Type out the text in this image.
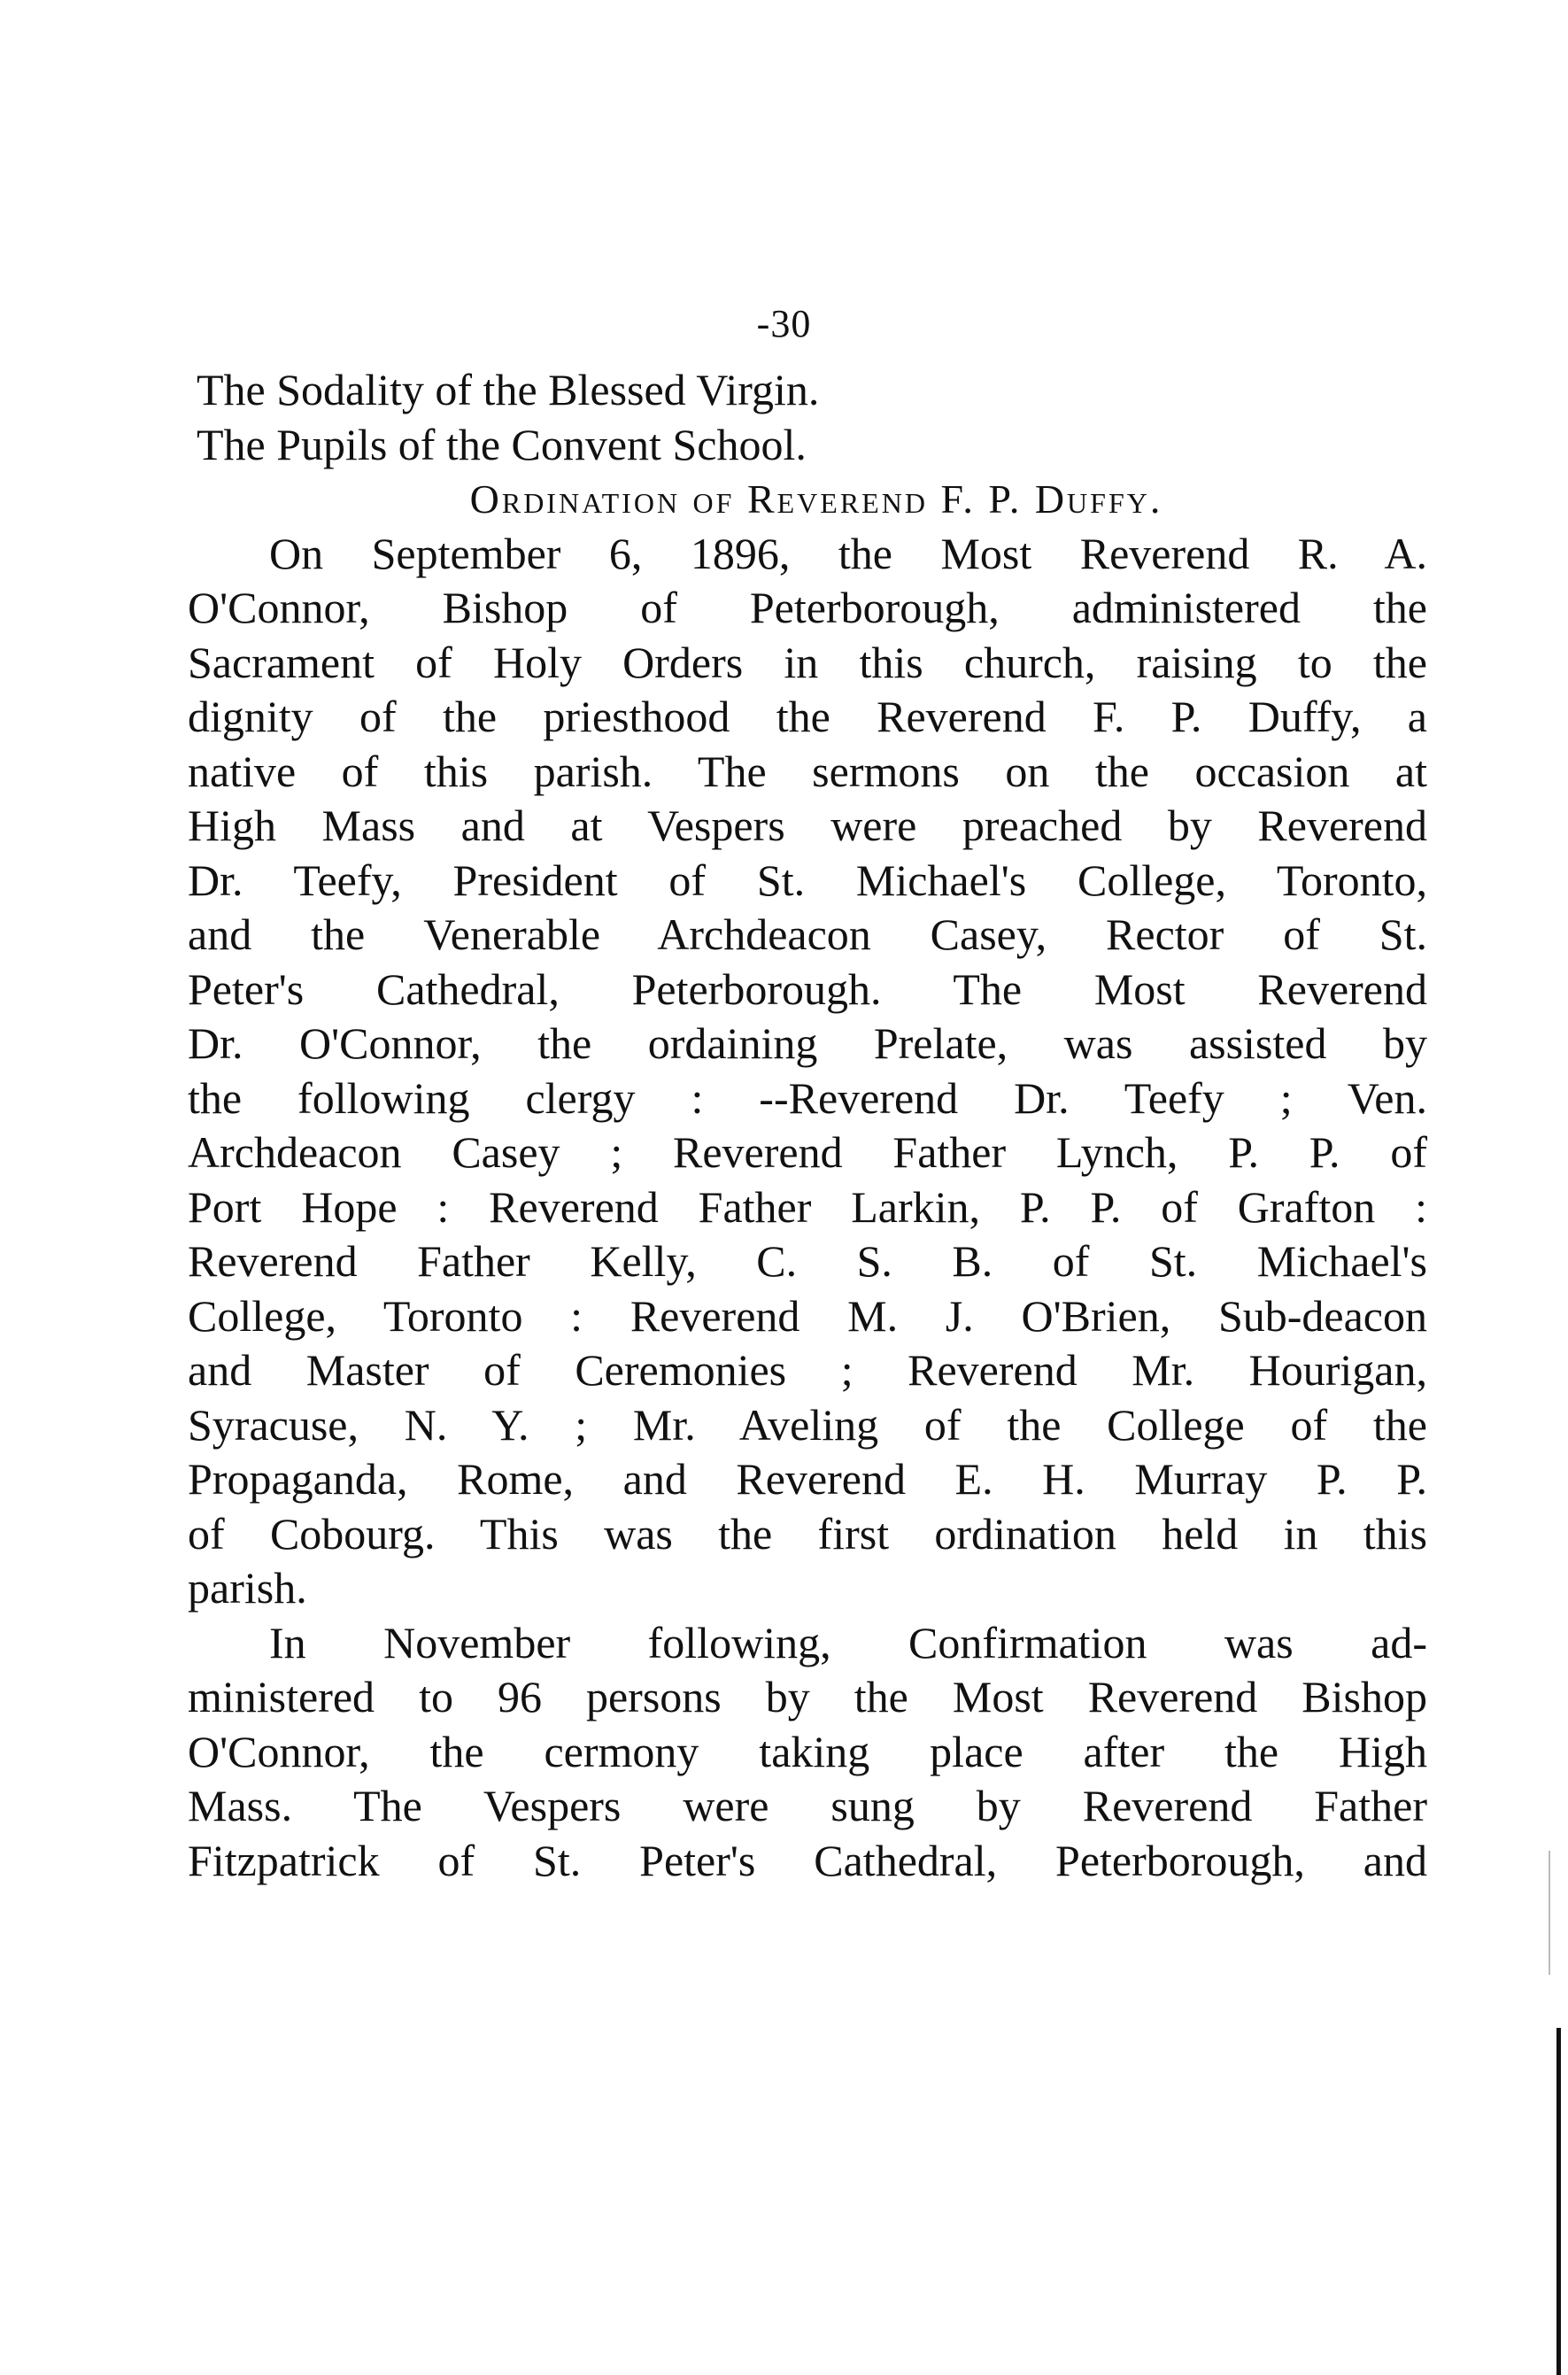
-30
The Sodality of the Blessed Virgin.
The Pupils of the Convent School.
Ordination of Reverend F. P. Duffy.
On September 6, 1896, the Most Reverend R. A.
O'Connor, Bishop of Peterborough, administered the
Sacrament of Holy Orders in this church, raising to the
dignity of the priesthood the Reverend F. P. Duffy, a
native of this parish. The sermons on the occasion at
High Mass and at Vespers were preached by Reverend
Dr. Teefy, President of St. Michael's College, Toronto,
and the Venerable Archdeacon Casey, Rector of St.
Peter's Cathedral, Peterborough. The Most Reverend
Dr. O'Connor, the ordaining Prelate, was assisted by
the following clergy : --Reverend Dr. Teefy ; Ven.
Archdeacon Casey ; Reverend Father Lynch, P. P. of
Port Hope : Reverend Father Larkin, P. P. of Grafton :
Reverend Father Kelly, C. S. B. of St. Michael's
College, Toronto : Reverend M. J. O'Brien, Sub-deacon
and Master of Ceremonies ; Reverend Mr. Hourigan,
Syracuse, N. Y. ; Mr. Aveling of the College of the
Propaganda, Rome, and Reverend E. H. Murray P. P.
of Cobourg. This was the first ordination held in this
parish.
In November following, Confirmation was ad-
ministered to 96 persons by the Most Reverend Bishop
O'Connor, the cermony taking place after the High
Mass. The Vespers were sung by Reverend Father
Fitzpatrick of St. Peter's Cathedral, Peterborough, and
